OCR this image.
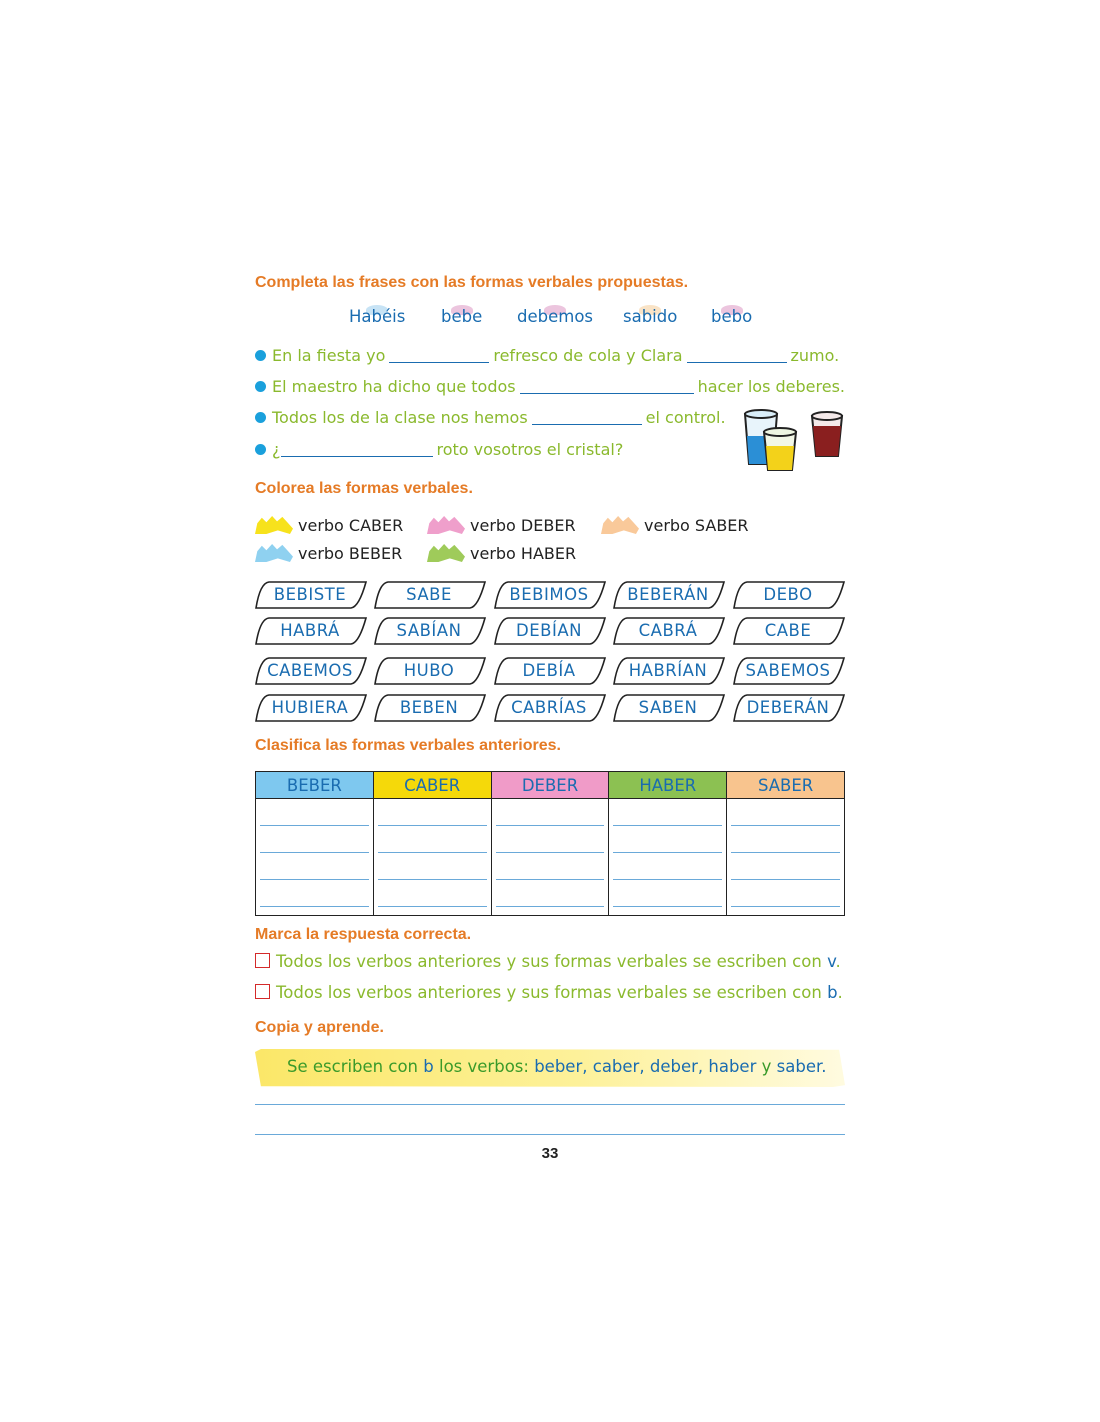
Completa las frases con las formas verbales propuestas.
Habéis bebe debemos sabido bebo
En la fiesta yo	refresco de cola y Clara	zumo.
El maestro ha dicho que todos	hacer los deberes.
Todos los de la clase nos hemos	el control.
¿	roto vosotros el cristal?
Colorea las formas verbales.
verbo CABER	verbo DEBER	verbo SABER
verbo BEBER	verbo HABER
BEBISTE	SABE	BEBIMOS	BEBERÁN	DEBO
HABRÁ	SABÍAN	DEBÍAN	CABRÁ	CABE
CABEMOS	HUBO	DEBÍA	HABRÍAN	SABEMOS
HUBIERA	BEBEN	CABRÍAS	SABEN	DEBERÁN
Clasifica las formas verbales anteriores.
BEBER	CABER	DEBER	HABER	SABER

Marca la respuesta correcta.
Todos los verbos anteriores y sus formas verbales se escriben con v.
Todos los verbos anteriores y sus formas verbales se escriben con b.
Copia y aprende.
Se escriben con b los verbos: beber, caber, deber, haber y saber.
33
